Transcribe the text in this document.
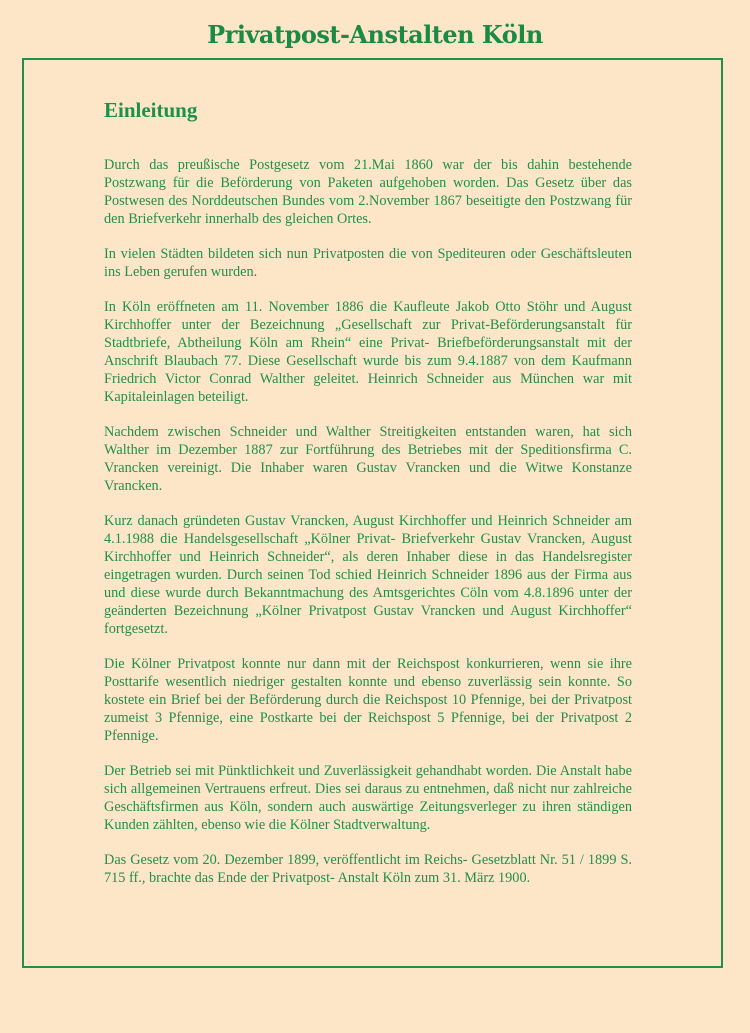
Privatpost-Anstalten Köln
Einleitung

Durch das preußische Postgesetz vom 21.Mai 1860 war der bis dahin bestehende Postzwang für die Beförderung von Paketen aufgehoben worden. Das Gesetz über das Postwesen des Norddeutschen Bundes vom 2.November 1867 beseitigte den Postzwang für den Briefverkehr innerhalb des gleichen Ortes.

In vielen Städten bildeten sich nun Privatposten die von Spediteuren oder Geschäftsleuten ins Leben gerufen wurden.

In Köln eröffneten am 11. November 1886 die Kaufleute Jakob Otto Stöhr und August Kirchhoffer unter der Bezeichnung „Gesellschaft zur Privat-Beförderungsanstalt für Stadtbriefe, Abtheilung Köln am Rhein“ eine Privat- Briefbeförderungsanstalt mit der Anschrift Blaubach 77. Diese Gesellschaft wurde bis zum 9.4.1887 von dem Kaufmann Friedrich Victor Conrad Walther geleitet. Heinrich Schneider aus München war mit Kapitaleinlagen beteiligt.

Nachdem zwischen Schneider und Walther Streitigkeiten entstanden waren, hat sich Walther im Dezember 1887 zur Fortführung des Betriebes mit der Speditionsfirma C. Vrancken vereinigt. Die Inhaber waren Gustav Vrancken und die Witwe Konstanze Vrancken.

Kurz danach gründeten Gustav Vrancken, August Kirchhoffer und Heinrich Schneider am 4.1.1988 die Handelsgesellschaft „Kölner Privat- Briefverkehr Gustav Vrancken, August Kirchhoffer und Heinrich Schneider“, als deren Inhaber diese in das Handelsregister eingetragen wurden. Durch seinen Tod schied Heinrich Schneider 1896 aus der Firma aus und diese wurde durch Bekanntmachung des Amtsgerichtes Cöln vom 4.8.1896 unter der geänderten Bezeichnung „Kölner Privatpost Gustav Vrancken und August Kirchhoffer“ fortgesetzt.

Die Kölner Privatpost konnte nur dann mit der Reichspost konkurrieren, wenn sie ihre Posttarife wesentlich niedriger gestalten konnte und ebenso zuverlässig sein konnte. So kostete ein Brief bei der Beförderung durch die Reichspost 10 Pfennige, bei der Privatpost zumeist 3 Pfennige, eine Postkarte bei der Reichspost 5 Pfennige, bei der Privatpost 2 Pfennige.

Der Betrieb sei mit Pünktlichkeit und Zuverlässigkeit gehandhabt worden. Die Anstalt habe sich allgemeinen Vertrauens erfreut. Dies sei daraus zu entnehmen, daß nicht nur zahlreiche Geschäftsfirmen aus Köln, sondern auch auswärtige Zeitungsverleger zu ihren ständigen Kunden zählten, ebenso wie die Kölner Stadtverwaltung.

Das Gesetz vom 20. Dezember 1899, veröffentlicht im Reichs- Gesetzblatt Nr. 51 / 1899 S. 715 ff., brachte das Ende der Privatpost- Anstalt Köln zum 31. März 1900.
